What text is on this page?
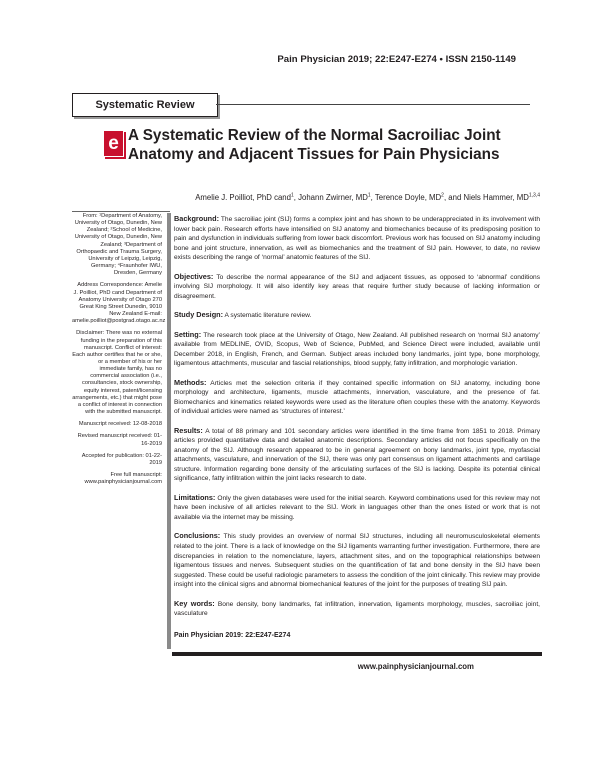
Pain Physician 2019; 22:E247-E274 • ISSN 2150-1149
Systematic Review
e A Systematic Review of the Normal Sacroiliac Joint Anatomy and Adjacent Tissues for Pain Physicians
Amelie J. Poilliot, PhD cand$^1$, Johann Zwirner, $MD^1$, Terence Doyle, $MD^2$, and Niels Hammer, MD$^{1,3,4}$

From: ¹Department of Anatomy, University of Otago, Dunedin, New Zealand; ²School of Medicine, University of Otago, Dunedin, New Zealand; ³Department of Orthopaedic and Trauma Surgery, University of Leipzig, Leipzig, Germany; ⁴Fraunhofer IWU, Dresden, Germany

Address Correspondence: Amelie J. Poilliot, PhD cand Department of Anatomy University of Otago 270 Great King Street Dunedin, 9010 New Zealand E-mail: amelie.poilliot@postgrad.otago.ac.nz

Disclaimer: There was no external funding in the preparation of this manuscript. Conflict of interest: Each author certifies that he or she, or a member of his or her immediate family, has no commercial association (i.e., consultancies, stock ownership, equity interest, patent/licensing arrangements, etc.) that might pose a conflict of interest in connection with the submitted manuscript.

Manuscript received: 12-08-2018

Revised manuscript received: 01-16-2019

Accepted for publication: 01-22-2019

Free full manuscript: www.painphysicianjournal.com

Background: The sacroiliac joint (SIJ) forms a complex joint and has shown to be underappreciated in its involvement with lower back pain. Research efforts have intensified on SIJ anatomy and biomechanics because of its predisposing position to pain and dysfunction in individuals suffering from lower back discomfort. Previous work has focused on SIJ anatomy including bone and joint structure, innervation, as well as biomechanics and the treatment of SIJ pain. However, to date, no review exists describing the range of ‘normal’ anatomic features of the SIJ.

Objectives: To describe the normal appearance of the SIJ and adjacent tissues, as opposed to ‘abnormal’ conditions involving SIJ morphology. It will also identify key areas that require further study because of lacking information or disagreement.

Study Design: A systematic literature review.

Setting: The research took place at the University of Otago, New Zealand. All published research on ‘normal SIJ anatomy’ available from MEDLINE, OVID, Scopus, Web of Science, PubMed, and Science Direct were included, available until December 2018, in English, French, and German. Subject areas included bony landmarks, joint type, bone morphology, ligamentous attachments, muscular and fascial relationships, blood supply, fatty infiltration, and morphologic variation.

Methods: Articles met the selection criteria if they contained specific information on SIJ anatomy, including bone morphology and architecture, ligaments, muscle attachments, innervation, vasculature, and the presence of fat. Biomechanics and kinematics related keywords were used as the literature often couples these with the anatomy. Keywords of individual articles were named as ‘structures of interest.’

Results: A total of 88 primary and 101 secondary articles were identified in the time frame from 1851 to 2018. Primary articles provided quantitative data and detailed anatomic descriptions. Secondary articles did not focus specifically on the anatomy of the SIJ. Although research appeared to be in general agreement on bony landmarks, joint type, myofascial attachments, vasculature, and innervation of the SIJ, there was only part consensus on ligament attachments and cartilage structure. Information regarding bone density of the articulating surfaces of the SIJ is lacking. Despite its potential clinical significance, fatty infiltration within the joint lacks research to date.

Limitations: Only the given databases were used for the initial search. Keyword combinations used for this review may not have been inclusive of all articles relevant to the SIJ. Work in languages other than the ones listed or work that is not available via the internet may be missing.

Conclusions: This study provides an overview of normal SIJ structures, including all neuromusculoskeletal elements related to the joint. There is a lack of knowledge on the SIJ ligaments warranting further investigation. Furthermore, there are discrepancies in relation to the nomenclature, layers, attachment sites, and on the topographical relationships between ligamentous tissues and nerves. Subsequent studies on the quantification of fat and bone density in the SIJ have been suggested. These could be useful radiologic parameters to assess the condition of the joint clinically. This review may provide insight into the clinical signs and abnormal biomechanical features of the joint for the purposes of treating SIJ pain.

Key words: Bone density, bony landmarks, fat infiltration, innervation, ligaments morphology, muscles, sacroiliac joint, vasculature

Pain Physician 2019: 22:E247-E274
www.painphysicianjournal.com
